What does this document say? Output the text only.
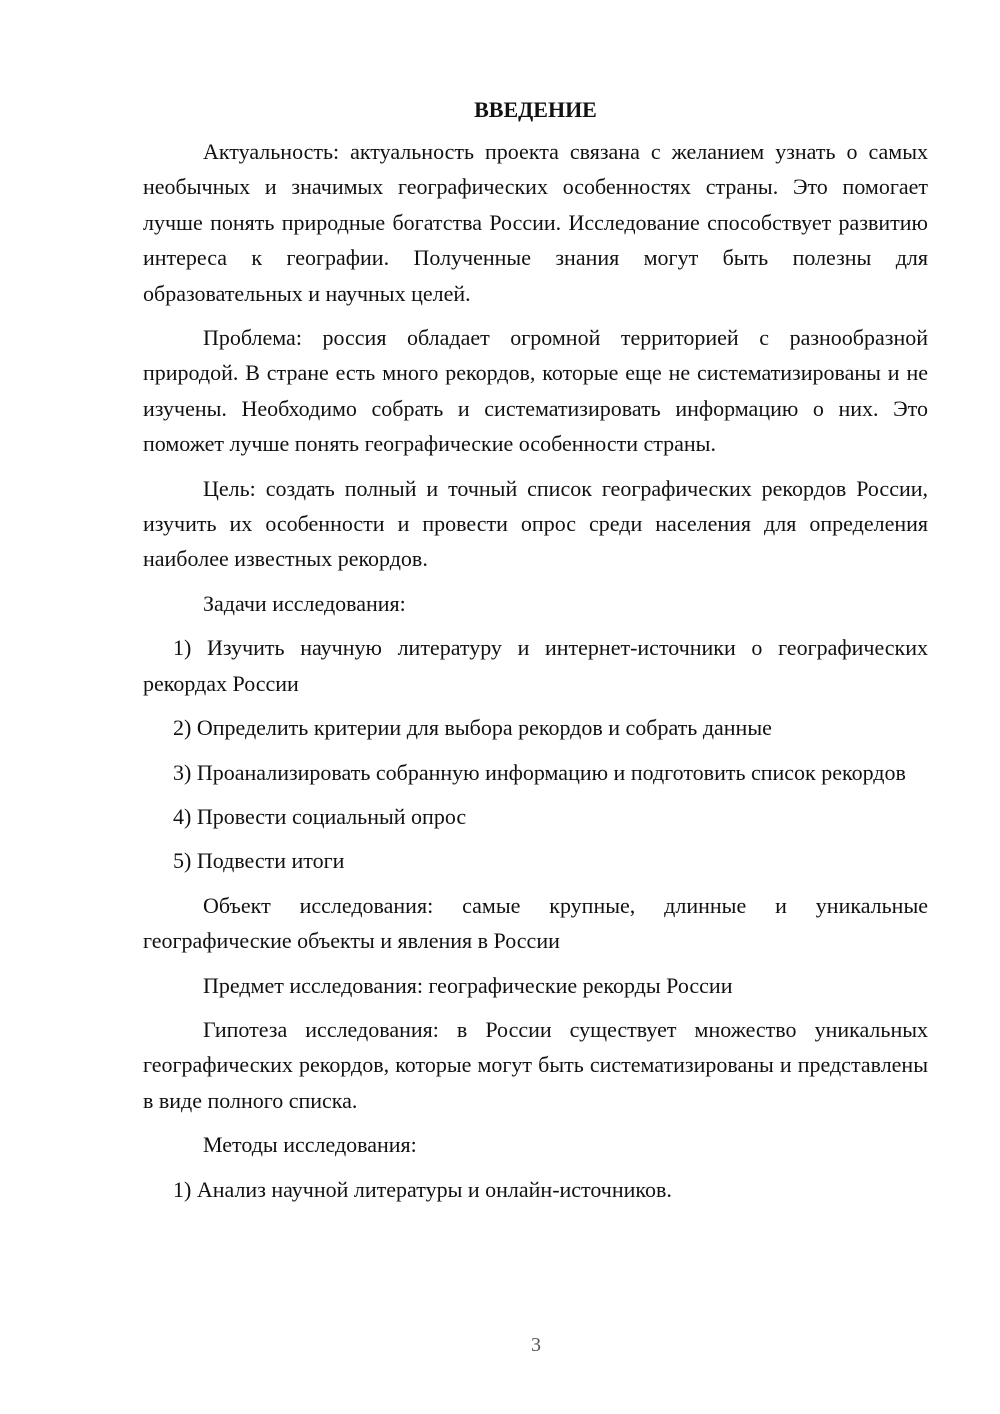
ВВЕДЕНИЕ

Актуальность: актуальность проекта связана с желанием узнать о самых необычных и значимых географических особенностях страны. Это помогает лучше понять природные богатства России. Исследование способствует развитию интереса к географии. Полученные знания могут быть полезны для образовательных и научных целей.

Проблема: россия обладает огромной территорией с разнообразной природой. В стране есть много рекордов, которые еще не систематизированы и не изучены. Необходимо собрать и систематизировать информацию о них. Это поможет лучше понять географические особенности страны.

Цель: создать полный и точный список географических рекордов России, изучить их особенности и провести опрос среди населения для определения наиболее известных рекордов.

Задачи исследования:

1) Изучить научную литературу и интернет-источники о географических рекордах России

2) Определить критерии для выбора рекордов и собрать данные

3) Проанализировать собранную информацию и подготовить список рекордов

4) Провести социальный опрос

5) Подвести итоги

Объект исследования: самые крупные, длинные и уникальные географические объекты и явления в России

Предмет исследования: географические рекорды России

Гипотеза исследования: в России существует множество уникальных географических рекордов, которые могут быть систематизированы и представлены в виде полного списка.

Методы исследования:

1) Анализ научной литературы и онлайн-источников.

3
